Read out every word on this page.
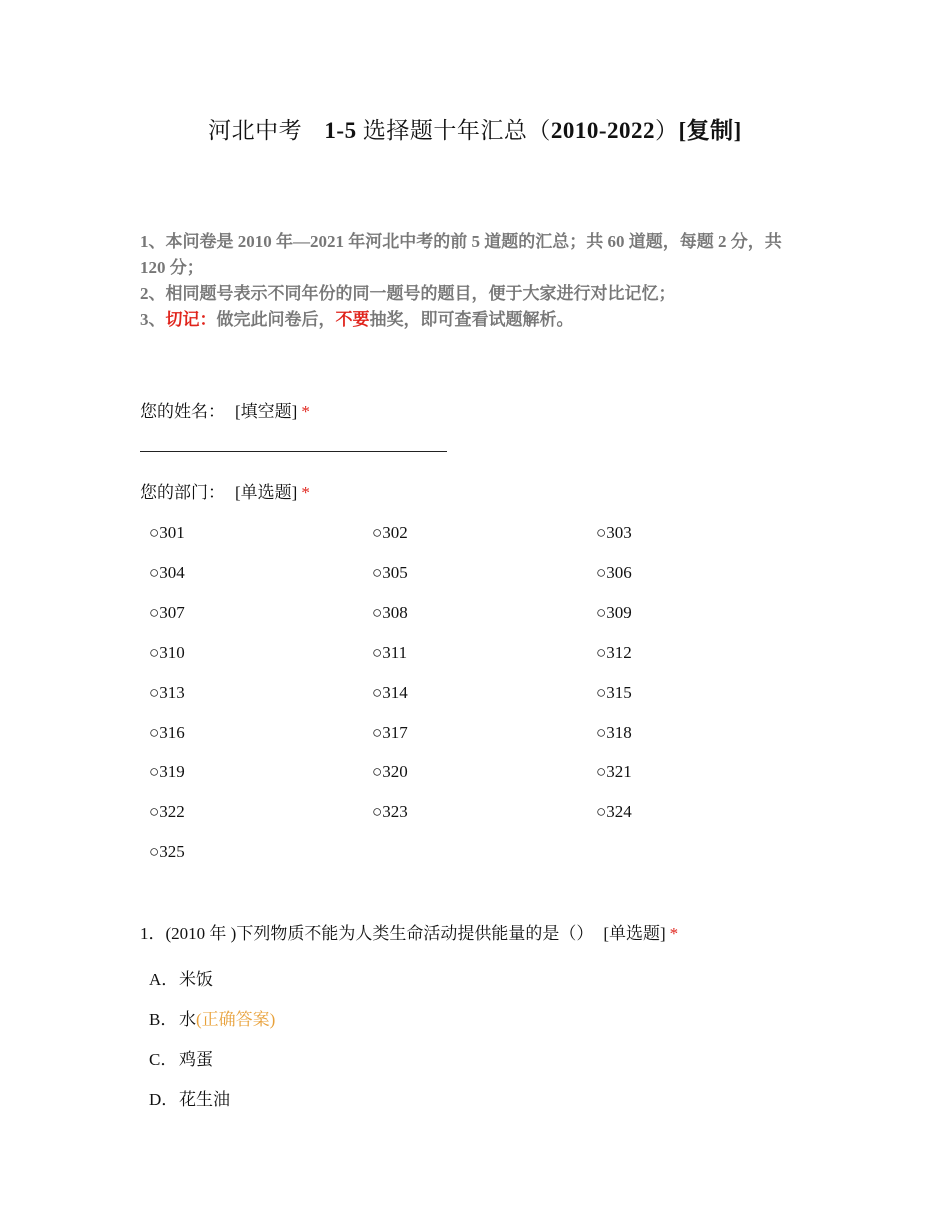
河北中考 1-5 选择题十年汇总（2010-2022）[复制]
1、本问卷是 2010 年—2021 年河北中考的前 5 道题的汇总；共 60 道题，每题 2 分，共 120 分；
2、相同题号表示不同年份的同一题号的题目，便于大家进行对比记忆；
3、切记：做完此问卷后，不要抽奖，即可查看试题解析。
您的姓名： [填空题] *
您的部门： [单选题] *
○301	○302	○303
○304	○305	○306
○307	○308	○309
○310	○311	○312
○313	○314	○315
○316	○317	○318
○319	○320	○321
○322	○323	○324
○325
1．(2010 年 )下列物质不能为人类生命活动提供能量的是（） [单选题] *
A．米饭
B．水(正确答案)
C．鸡蛋
D．花生油
